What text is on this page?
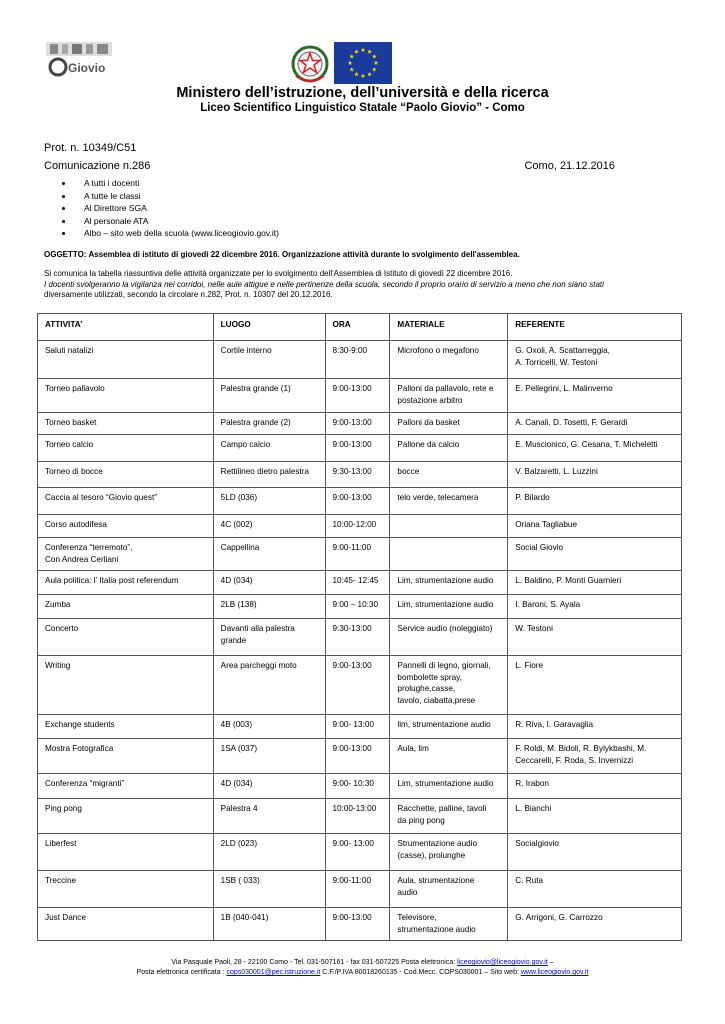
Giovio
Ministero dell’istruzione, dell’università e della ricerca
Liceo Scientifico Linguistico Statale “Paolo Giovio” - Como
Prot. n. 10349/C51
Comunicazione n.286	Como, 21.12.2016
• A tutti i docenti
• A tutte le classi
• Al Direttore SGA
• Al personale ATA
• Albo – sito web della scuola (www.liceogiovio.gov.it)
OGGETTO: Assemblea di istituto di giovedì 22 dicembre 2016. Organizzazione attività durante lo svolgimento dell'assemblea.
Si comunica la tabella riassuntiva delle attività organizzate per lo svolgimento dell'Assemblea di Istituto di giovedì 22 dicembre 2016.
I docenti svolgeranno la vigilanza nei corridoi, nelle aule attigue e nelle pertinenze della scuola, secondo il proprio orario di servizio a meno che non siano stati
diversamente utilizzati, secondo la circolare n.282, Prot. n. 10307 del 20.12.2016.
ATTIVITA’	LUOGO	ORA	MATERIALE	REFERENTE
Saluti natalizi	Cortile interno	8:30-9:00	Microfono o megafono	G. Oxoli, A. Scattarreggia,
A. Torricelli, W. Testoni
Torneo pallavolo	Palestra grande (1)	9:00-13:00	Palloni da pallavolo, rete e
postazione arbitro	E. Pellegrini, L. Malinverno
Torneo basket	Palestra grande (2)	9:00-13:00	Palloni da basket	A. Canali, D. Tosetti, F. Gerardi
Torneo calcio	Campo calcio	9:00-13:00	Pallone da calcio	E. Muscionico, G. Cesana, T. Micheletti
Torneo di bocce	Rettilineo dietro palestra	9:30-13:00	bocce	V. Balzaretti, L. Luzzini
Caccia al tesoro “Giovio quest”	5LD (036)	9:00-13:00	telo verde, telecamera	P. Bilardo
Corso autodifesa	4C (002)	10:00-12:00		Oriana Tagliabue
Conferenza “terremoto”,
Con Andrea Cerliani	Cappellina	9:00-11:00		Social Giovio
Aula politica: l’ Italia post referendum	4D (034)	10:45- 12:45	Lim, strumentazione audio	L. Baldino, P. Monti Guarnieri
Zumba	2LB (138)	9:00 – 10:30	Lim, strumentazione audio	I. Baroni, S. Ayala
Concerto	Davanti alla palestra
grande	9:30-13:00	Service audio (noleggiato)	W. Testoni
Writing	Area parcheggi moto	9:00-13:00	Pannelli di legno, giornali,
bombolette spray,
prolughe,casse,
tavolo, ciabatta,prese	L. Fiore
Exchange students	4B (003)	9:00- 13:00	lim, strumentazione audio	R. Riva, I. Garavaglia
Mostra Fotografica	1SA (037)	9:00-13:00	Aula, lim	F. Roldi, M. Bidoli, R. Bylykbashi, M.
Ceccarelli, F. Roda, S. Invernizzi
Conferenza “migranti”	4D (034)	9:00- 10:30	Lim, strumentazione audio	R. Irabon
Ping pong	Palestra 4	10:00-13:00	Racchette, palline, tavoli
da ping pong	L. Bianchi
Liberfest	2LD (023)	9:00- 13:00	Strumentazione audio
(casse), prolunghe	Socialgiovio
Treccine	1SB ( 033)	9:00-11:00	Aula, strumentazione
audio	C. Ruta
Just Dance	1B (040-041)	9:00-13:00	Televisore,
strumentazione audio	G. Arrigoni, G. Carrozzo
Via Pasquale Paoli, 28 - 22100 Como - Tel. 031-507161 - fax 031-507225 Posta elettronica: liceogiovio@liceogiovio.gov.it –
Posta elettronica certificata : cops030001@pec.istruzione.it C.F./P.IVA 80018260135 - Cod.Mecc. COPS030001 – Sito web: www.liceogiovio.gov.it
